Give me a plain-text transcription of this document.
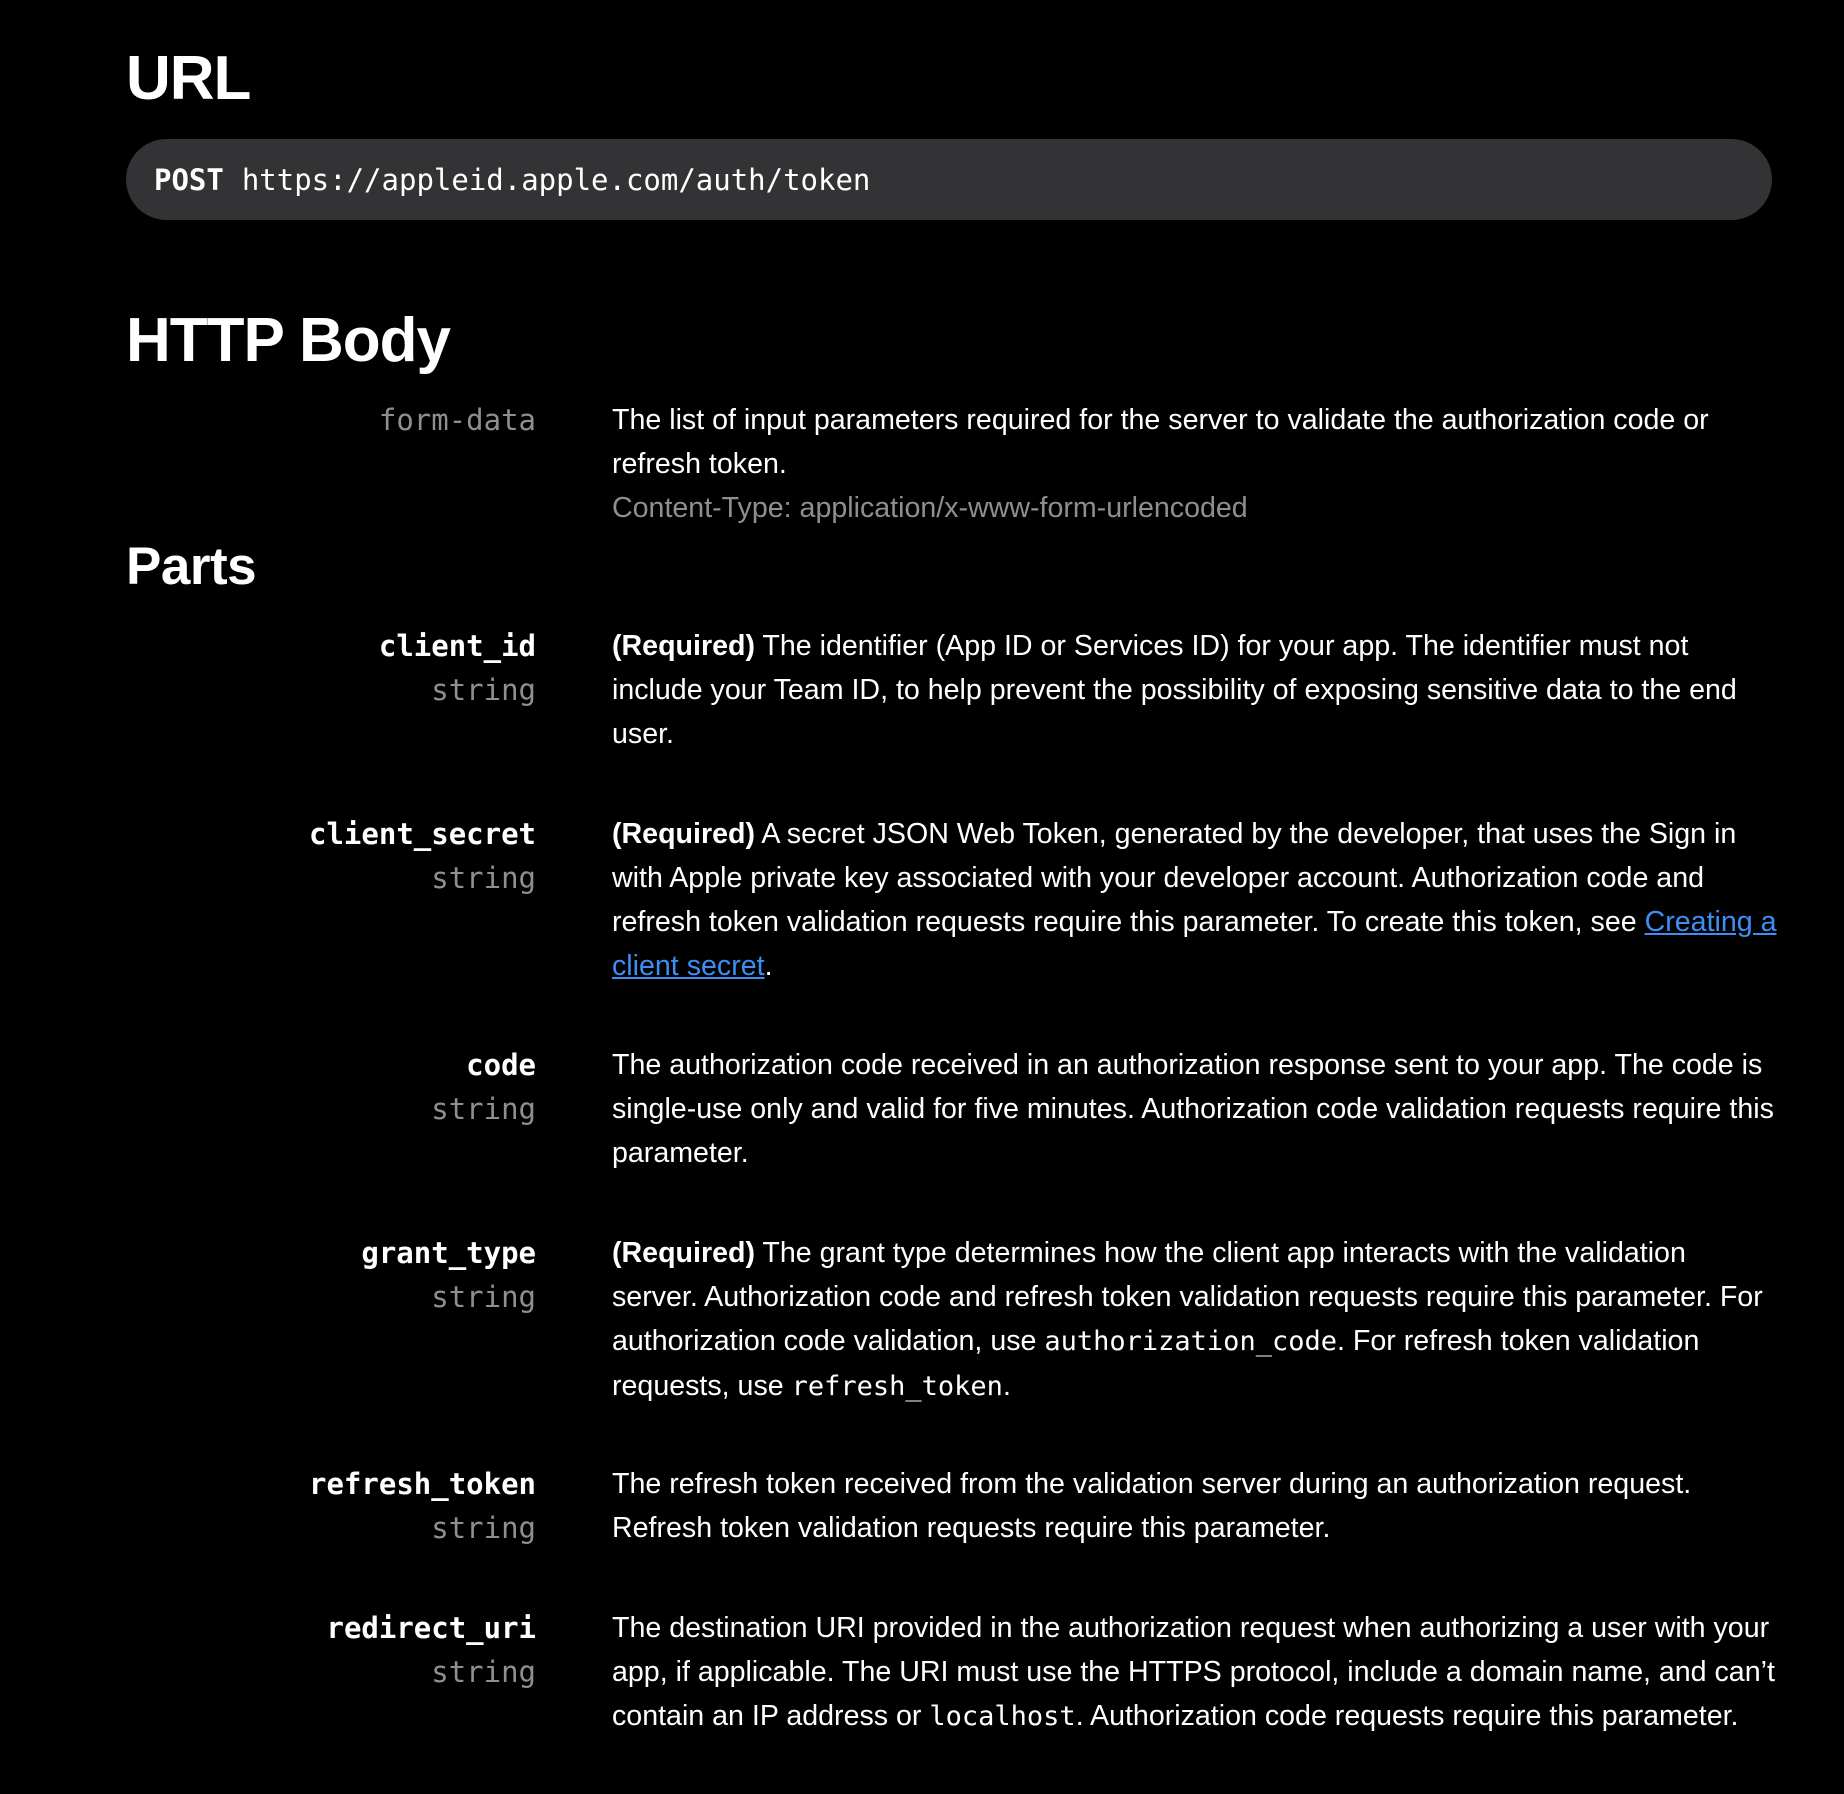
URL
POST https://appleid.apple.com/auth/token
HTTP Body
form-data	The list of input parameters required for the server to validate the authorization code or refresh token.
Content-Type: application/x-www-form-urlencoded
Parts
client_id
string
(Required) The identifier (App ID or Services ID) for your app. The identifier must not include your Team ID, to help prevent the possibility of exposing sensitive data to the end user.
client_secret
string
(Required) A secret JSON Web Token, generated by the developer, that uses the Sign in with Apple private key associated with your developer account. Authorization code and refresh token validation requests require this parameter. To create this token, see Creating a client secret.
code
string
The authorization code received in an authorization response sent to your app. The code is single-use only and valid for five minutes. Authorization code validation requests require this parameter.
grant_type
string
(Required) The grant type determines how the client app interacts with the validation server. Authorization code and refresh token validation requests require this parameter. For authorization code validation, use authorization_code. For refresh token validation requests, use refresh_token.
refresh_token
string
The refresh token received from the validation server during an authorization request. Refresh token validation requests require this parameter.
redirect_uri
string
The destination URI provided in the authorization request when authorizing a user with your app, if applicable. The URI must use the HTTPS protocol, include a domain name, and can’t contain an IP address or localhost. Authorization code requests require this parameter.
